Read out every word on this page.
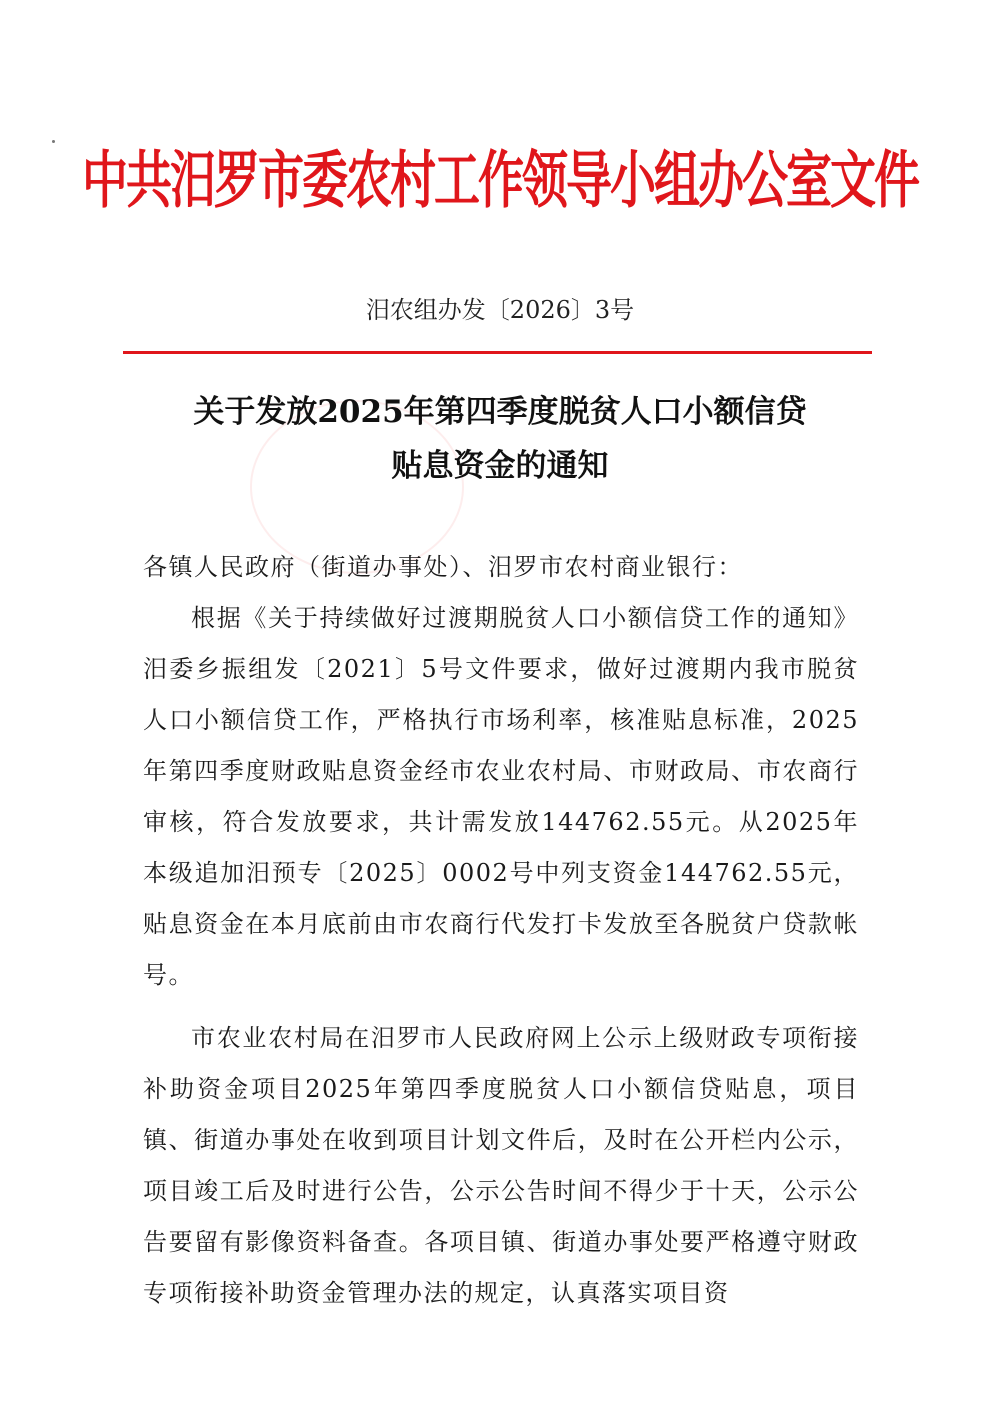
中共汨罗市委农村工作领导小组办公室文件
汨农组办发〔2026〕3号
关于发放2025年第四季度脱贫人口小额信贷
贴息资金的通知

各镇人民政府（街道办事处）、汨罗市农村商业银行：

根据《关于持续做好过渡期脱贫人口小额信贷工作的通知》汨委乡振组发〔2021〕5号文件要求，做好过渡期内我市脱贫人口小额信贷工作，严格执行市场利率，核准贴息标准，2025年第四季度财政贴息资金经市农业农村局、市财政局、市农商行审核，符合发放要求，共计需发放144762.55元。从2025年本级追加汨预专〔2025〕0002号中列支资金144762.55元，贴息资金在本月底前由市农商行代发打卡发放至各脱贫户贷款帐号。

市农业农村局在汨罗市人民政府网上公示上级财政专项衔接补助资金项目2025年第四季度脱贫人口小额信贷贴息，项目镇、街道办事处在收到项目计划文件后，及时在公开栏内公示，项目竣工后及时进行公告，公示公告时间不得少于十天，公示公告要留有影像资料备查。各项目镇、街道办事处要严格遵守财政专项衔接补助资金管理办法的规定，认真落实项目资
